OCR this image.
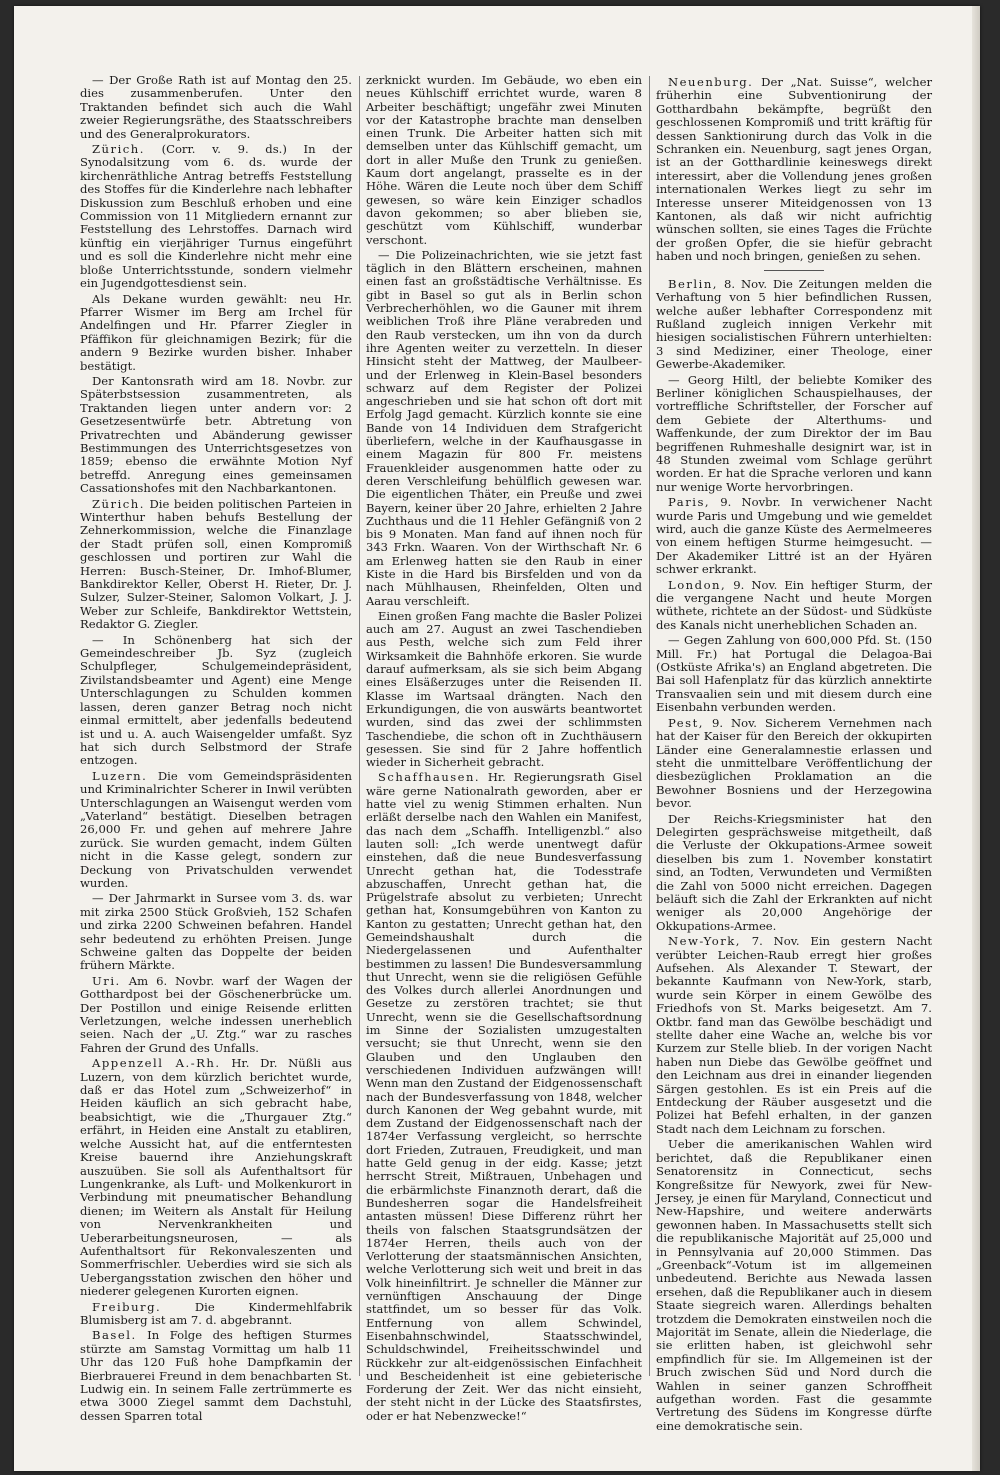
— Der Große Rath ist auf Montag den 25. dies zusammenberufen. Unter den Traktanden befindet sich auch die Wahl zweier Regierungsräthe, des Staatsschreibers und des Generalprokurators.

Zürich. (Corr. v. 9. ds.) In der Synodalsitzung vom 6. ds. wurde der kirchenräthliche Antrag betreffs Feststellung des Stoffes für die Kinderlehre nach lebhafter Diskussion zum Beschluß erhoben und eine Commission von 11 Mitgliedern ernannt zur Feststellung des Lehrstoffes. Darnach wird künftig ein vierjähriger Turnus eingeführt und es soll die Kinderlehre nicht mehr eine bloße Unterrichtsstunde, sondern vielmehr ein Jugendgottesdienst sein.

Als Dekane wurden gewählt: neu Hr. Pfarrer Wismer im Berg am Irchel für Andelfingen und Hr. Pfarrer Ziegler in Pfäffikon für gleichnamigen Bezirk; für die andern 9 Bezirke wurden bisher. Inhaber bestätigt.

Der Kantonsrath wird am 18. Novbr. zur Späterbstsession zusammentreten, als Traktanden liegen unter andern vor: 2 Gesetzesentwürfe betr. Abtretung von Privatrechten und Abänderung gewisser Bestimmungen des Unterrichtsgesetzes von 1859; ebenso die erwähnte Motion Nyf betreffd. Anregung eines gemeinsamen Cassationshofes mit den Nachbarkantonen.

Zürich. Die beiden politischen Parteien in Winterthur haben behufs Bestellung der Zehnerkommission, welche die Finanzlage der Stadt prüfen soll, einen Kompromiß geschlossen und portiren zur Wahl die Herren: Busch-Steiner, Dr. Imhof-Blumer, Bankdirektor Keller, Oberst H. Rieter, Dr. J. Sulzer, Sulzer-Steiner, Salomon Volkart, J. J. Weber zur Schleife, Bankdirektor Wettstein, Redaktor G. Ziegler.

— In Schönenberg hat sich der Gemeindeschreiber Jb. Syz (zugleich Schulpfleger, Schulgemeindepräsident, Zivilstandsbeamter und Agent) eine Menge Unterschlagungen zu Schulden kommen lassen, deren ganzer Betrag noch nicht einmal ermittelt, aber jedenfalls bedeutend ist und u. A. auch Waisengelder umfaßt. Syz hat sich durch Selbstmord der Strafe entzogen.

Luzern. Die vom Gemeindspräsidenten und Kriminalrichter Scherer in Inwil verübten Unterschlagungen an Waisengut werden vom „Vaterland“ bestätigt. Dieselben betragen 26,000 Fr. und gehen auf mehrere Jahre zurück. Sie wurden gemacht, indem Gülten nicht in die Kasse gelegt, sondern zur Deckung von Privatschulden verwendet wurden.

— Der Jahrmarkt in Sursee vom 3. ds. war mit zirka 2500 Stück Großvieh, 152 Schafen und zirka 2200 Schweinen befahren. Handel sehr bedeutend zu erhöhten Preisen. Junge Schweine galten das Doppelte der beiden frühern Märkte.

Uri. Am 6. Novbr. warf der Wagen der Gotthardpost bei der Göschenerbrücke um. Der Postillon und einige Reisende erlitten Verletzungen, welche indessen unerheblich seien. Nach der „U. Ztg.“ war zu rasches Fahren der Grund des Unfalls.

Appenzell A.-Rh. Hr. Dr. Nüßli aus Luzern, von dem kürzlich berichtet wurde, daß er das Hotel zum „Schweizerhof“ in Heiden käuflich an sich gebracht habe, beabsichtigt, wie die „Thurgauer Ztg.“ erfährt, in Heiden eine Anstalt zu etabliren, welche Aussicht hat, auf die entferntesten Kreise bauernd ihre Anziehungskraft auszuüben. Sie soll als Aufenthaltsort für Lungenkranke, als Luft- und Molkenkurort in Verbindung mit pneumatischer Behandlung dienen; im Weitern als Anstalt für Heilung von Nervenkrankheiten und Ueberarbeitungsneurosen, — als Aufenthaltsort für Rekonvaleszenten und Sommerfrischler. Ueberdies wird sie sich als Uebergangsstation zwischen den höher und niederer gelegenen Kurorten eignen.

Freiburg.	Die Kindermehlfabrik Blumisberg ist am 7. d. abgebrannt.

Basel. In Folge des heftigen Sturmes stürzte am Samstag Vormittag um halb 11 Uhr das 120 Fuß hohe Dampfkamin der Bierbrauerei Freund in dem benachbarten St. Ludwig ein. In seinem Falle zertrümmerte es etwa 3000 Ziegel sammt dem Dachstuhl, dessen Sparren total

zerknickt wurden. Im Gebäude, wo eben ein neues Kühlschiff errichtet wurde, waren 8 Arbeiter beschäftigt; ungefähr zwei Minuten vor der Katastrophe brachte man denselben einen Trunk. Die Arbeiter hatten sich mit demselben unter das Kühlschiff gemacht, um dort in aller Muße den Trunk zu genießen. Kaum dort angelangt, prasselte es in der Höhe. Wären die Leute noch über dem Schiff gewesen, so wäre kein Einziger schadlos davon gekommen; so aber blieben sie, geschützt vom Kühlschiff, wunderbar verschont.

— Die Polizeinachrichten, wie sie jetzt fast täglich in den Blättern erscheinen, mahnen einen fast an großstädtische Verhältnisse. Es gibt in Basel so gut als in Berlin schon Verbrecherhöhlen, wo die Gauner mit ihrem weiblichen Troß ihre Pläne verabreden und den Raub verstecken, um ihn von da durch ihre Agenten weiter zu verzetteln. In dieser Hinsicht steht der Mattweg, der Maulbeer- und der Erlenweg in Klein-Basel besonders schwarz auf dem Register der Polizei angeschrieben und sie hat schon oft dort mit Erfolg Jagd gemacht. Kürzlich konnte sie eine Bande von 14 Individuen dem Strafgericht überliefern, welche in der Kaufhausgasse in einem Magazin für 800 Fr. meistens Frauenkleider ausgenommen hatte oder zu deren Verschleifung behülflich gewesen war. Die eigentlichen Thäter, ein Preuße und zwei Bayern, keiner über 20 Jahre, erhielten 2 Jahre Zuchthaus und die 11 Hehler Gefängniß von 2 bis 9 Monaten. Man fand auf ihnen noch für 343 Frkn. Waaren. Von der Wirthschaft Nr. 6 am Erlenweg hatten sie den Raub in einer Kiste in die Hard bis Birsfelden und von da nach Mühlhausen, Rheinfelden, Olten und Aarau verschleift.

Einen großen Fang machte die Basler Polizei auch am 27. August an zwei Taschendieben aus Pesth, welche sich zum Feld ihrer Wirksamkeit die Bahnhöfe erkoren. Sie wurde darauf aufmerksam, als sie sich beim Abgang eines Elsäßerzuges unter die Reisenden II. Klasse im Wartsaal drängten. Nach den Erkundigungen, die von auswärts beantwortet wurden, sind das zwei der schlimmsten Taschendiebe, die schon oft in Zuchthäusern gesessen. Sie sind für 2 Jahre hoffentlich wieder in Sicherheit gebracht.

Schaffhausen. Hr. Regierungsrath Gisel wäre gerne Nationalrath geworden, aber er hatte viel zu wenig Stimmen erhalten. Nun erläßt derselbe nach den Wahlen ein Manifest, das nach dem „Schaffh. Intelligenzbl.“ also lauten soll: „Ich werde unentwegt dafür einstehen, daß die neue Bundesverfassung Unrecht gethan hat, die Todesstrafe abzuschaffen, Unrecht gethan hat, die Prügelstrafe absolut zu verbieten; Unrecht gethan hat, Konsumgebühren von Kanton zu Kanton zu gestatten; Unrecht gethan hat, den Gemeindshaushalt durch die Niedergelassenen und Aufenthalter bestimmen zu lassen! Die Bundesversammlung thut Unrecht, wenn sie die religiösen Gefühle des Volkes durch allerlei Anordnungen und Gesetze zu zerstören trachtet; sie thut Unrecht, wenn sie die Gesellschaftsordnung im Sinne der Sozialisten umzugestalten versucht; sie thut Unrecht, wenn sie den Glauben und den Unglauben den verschiedenen Individuen aufzwängen will! Wenn man den Zustand der Eidgenossenschaft nach der Bundesverfassung von 1848, welcher durch Kanonen der Weg gebahnt wurde, mit dem Zustand der Eidgenossenschaft nach der 1874er Verfassung vergleicht, so herrschte dort Frieden, Zutrauen, Freudigkeit, und man hatte Geld genug in der eidg. Kasse; jetzt herrscht Streit, Mißtrauen, Unbehagen und die erbärmlichste Finanznoth derart, daß die Bundesherren sogar die Handelsfreiheit antasten müssen! Diese Differenz rührt her theils von falschen Staatsgrundsätzen der 1874er Herren, theils auch von der Verlotterung der staatsmännischen Ansichten, welche Verlotterung sich weit und breit in das Volk hineinfiltrirt. Je schneller die Männer zur vernünftigen Anschauung der Dinge stattfindet, um so besser für das Volk. Entfernung von allem Schwindel, Eisenbahnschwindel, Staatsschwindel, Schuldschwindel, Freiheitsschwindel und Rückkehr zur alt-eidgenössischen Einfachheit und Bescheidenheit ist eine gebieterische Forderung der Zeit. Wer das nicht einsieht, der steht nicht in der Lücke des Staatsfirstes, oder er hat Nebenzwecke!“

Neuenburg. Der „Nat. Suisse“, welcher früherhin eine Subventionirung der Gotthardbahn bekämpfte, begrüßt den geschlossenen Kompromiß und tritt kräftig für dessen Sanktionirung durch das Volk in die Schranken ein. Neuenburg, sagt jenes Organ, ist an der Gotthardlinie keineswegs direkt interessirt, aber die Vollendung jenes großen internationalen Werkes liegt zu sehr im Interesse unserer Miteidgenossen von 13 Kantonen, als daß wir nicht aufrichtig wünschen sollten, sie eines Tages die Früchte der großen Opfer, die sie hiefür gebracht haben und noch bringen, genießen zu sehen.

Berlin, 8. Nov. Die Zeitungen melden die Verhaftung von 5 hier befindlichen Russen, welche außer lebhafter Correspondenz mit Rußland zugleich innigen Verkehr mit hiesigen socialistischen Führern unterhielten: 3 sind Mediziner, einer Theologe, einer Gewerbe-Akademiker.

— Georg Hiltl, der beliebte Komiker des Berliner königlichen Schauspielhauses, der vortreffliche Schriftsteller, der Forscher auf dem Gebiete der Alterthums- und Waffenkunde, der zum Direktor der im Bau begriffenen Ruhmeshalle designirt war, ist in 48 Stunden zweimal vom Schlage gerührt worden. Er hat die Sprache verloren und kann nur wenige Worte hervorbringen.

Paris, 9. Novbr. In verwichener Nacht wurde Paris und Umgebung und wie gemeldet wird, auch die ganze Küste des Aermelmeeres von einem heftigen Sturme heimgesucht. — Der Akademiker Littré ist an der Hyären schwer erkrankt.

London, 9. Nov. Ein heftiger Sturm, der die vergangene Nacht und heute Morgen wüthete, richtete an der Südost- und Südküste des Kanals nicht unerheblichen Schaden an.

— Gegen Zahlung von 600,000 Pfd. St. (150 Mill. Fr.) hat Portugal die Delagoa-Bai (Ostküste Afrika's) an England abgetreten. Die Bai soll Hafenplatz für das kürzlich annektirte Transvaalien sein und mit diesem durch eine Eisenbahn verbunden werden.

Pest, 9. Nov. Sicherem Vernehmen nach hat der Kaiser für den Bereich der okkupirten Länder eine Generalamnestie erlassen und steht die unmittelbare Veröffentlichung der diesbezüglichen Proklamation an die Bewohner Bosniens und der Herzegowina bevor.

Der Reichs-Kriegsminister hat den Delegirten gesprächsweise mitgetheilt, daß die Verluste der Okkupations-Armee soweit dieselben bis zum 1. November konstatirt sind, an Todten, Verwundeten und Vermißten die Zahl von 5000 nicht erreichen. Dagegen beläuft sich die Zahl der Erkrankten auf nicht weniger als 20,000 Angehörige der Okkupations-Armee.

New-York, 7. Nov. Ein gestern Nacht verübter Leichen-Raub erregt hier großes Aufsehen. Als Alexander T. Stewart, der bekannte Kaufmann von New-York, starb, wurde sein Körper in einem Gewölbe des Friedhofs von St. Marks beigesetzt. Am 7. Oktbr. fand man das Gewölbe beschädigt und stellte daher eine Wache an, welche bis vor Kurzem zur Stelle blieb. In der vorigen Nacht haben nun Diebe das Gewölbe geöffnet und den Leichnam aus drei in einander liegenden Särgen gestohlen. Es ist ein Preis auf die Entdeckung der Räuber ausgesetzt und die Polizei hat Befehl erhalten, in der ganzen Stadt nach dem Leichnam zu forschen.

Ueber die amerikanischen Wahlen wird berichtet, daß die Republikaner einen Senatorensitz in Connecticut, sechs Kongreßsitze für Newyork, zwei für New-Jersey, je einen für Maryland, Connecticut und New-Hapshire, und weitere anderwärts gewonnen haben. In Massachusetts stellt sich die republikanische Majorität auf 25,000 und in Pennsylvania auf 20,000 Stimmen. Das „Greenback“-Votum ist im allgemeinen unbedeutend. Berichte aus Newada lassen ersehen, daß die Republikaner auch in diesem Staate siegreich waren. Allerdings behalten trotzdem die Demokraten einstweilen noch die Majorität im Senate, allein die Niederlage, die sie erlitten haben, ist gleichwohl sehr empfindlich für sie. Im Allgemeinen ist der Bruch zwischen Süd und Nord durch die Wahlen in seiner ganzen Schroffheit aufgethan worden. Fast die gesammte Vertretung des Südens im Kongresse dürfte eine demokratische sein.
